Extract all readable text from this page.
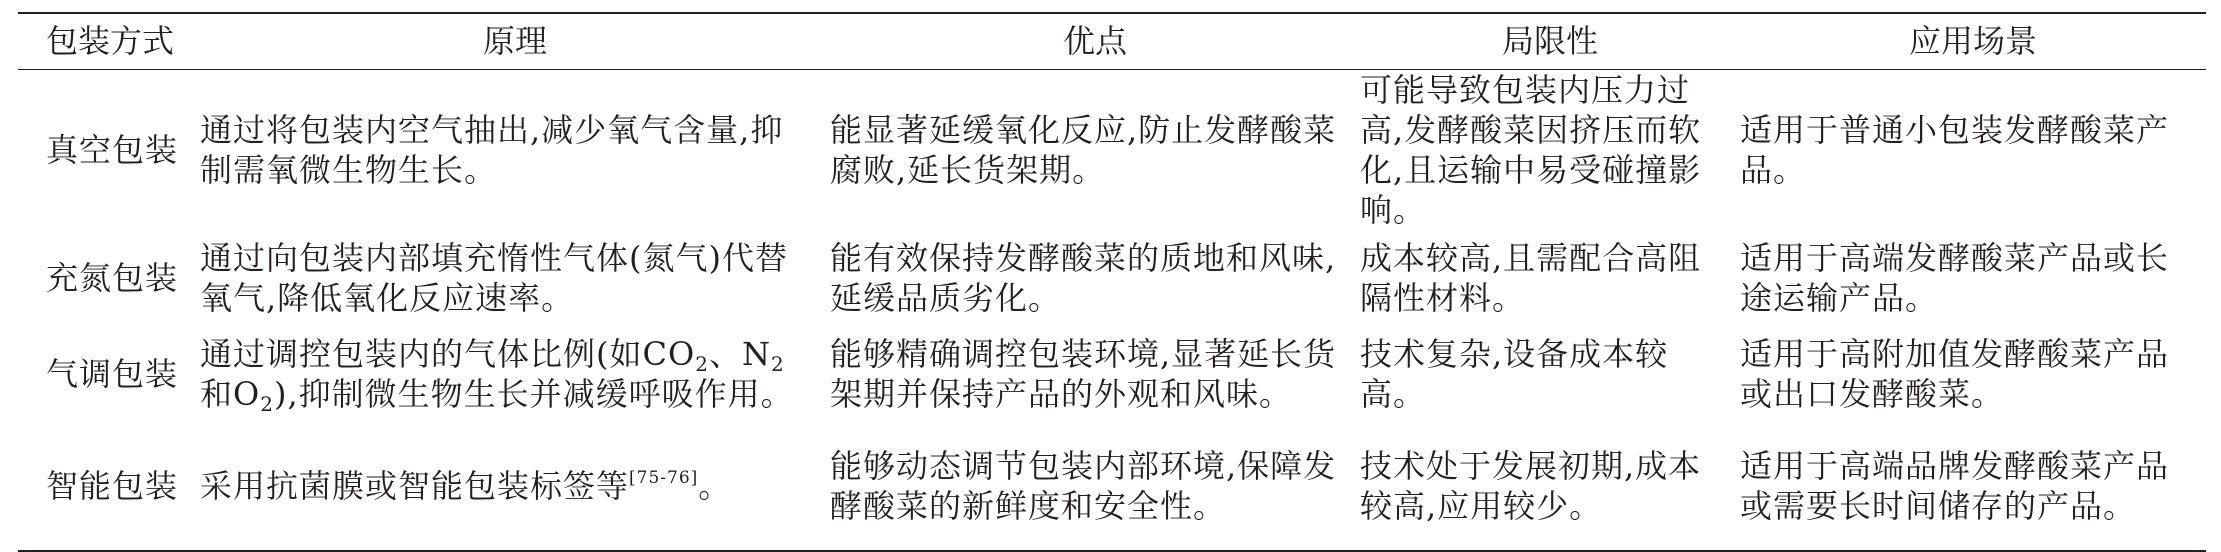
包装方式	原理	优点	局限性	应用场景
真空包装	通过将包装内空气抽出,减少氧气含量,抑制需氧微生物生长。	能显著延缓氧化反应,防止发酵酸菜腐败,延长货架期。	可能导致包装内压力过高,发酵酸菜因挤压而软化,且运输中易受碰撞影响。	适用于普通小包装发酵酸菜产品。
充氮包装	通过向包装内部填充惰性气体(氮气)代替氧气,降低氧化反应速率。	能有效保持发酵酸菜的质地和风味,延缓品质劣化。	成本较高,且需配合高阻隔性材料。	适用于高端发酵酸菜产品或长途运输产品。
气调包装	通过调控包装内的气体比例(如$CO_2$、$N_2$和$O_2$),抑制微生物生长并减缓呼吸作用。	能够精确调控包装环境,显著延长货架期并保持产品的外观和风味。	技术复杂,设备成本较高。	适用于高附加值发酵酸菜产品或出口发酵酸菜。
智能包装	采用抗菌膜或智能包装标签等[75-76]。	能够动态调节包装内部环境,保障发酵酸菜的新鲜度和安全性。	技术处于发展初期,成本较高,应用较少。	适用于高端品牌发酵酸菜产品或需要长时间储存的产品。
